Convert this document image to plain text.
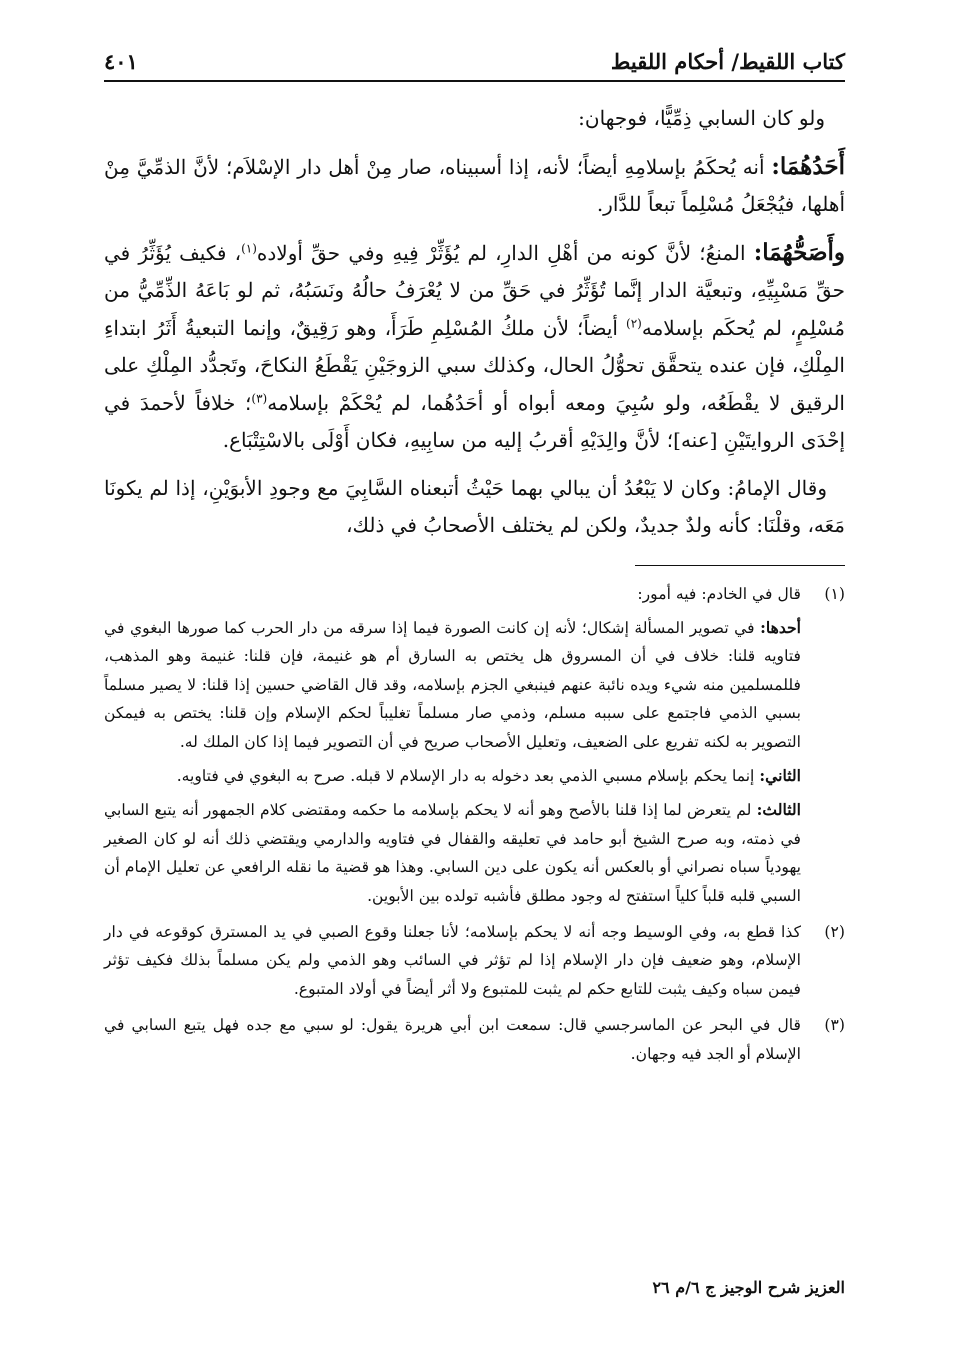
كتاب اللقيط/ أحكام اللقيط
٤٠١

ولو كان السابي ذِمِّيًّا، فوجهان:

أَحَدُهُمَا: أنه يُحكَمُ بإسلامِهِ أيضاً؛ لأنه، إذا أسبيناه، صار مِنْ أهل دار الإسْلاَم؛ لأنَّ الذمِّيَّ مِنْ أهلها، فيُجْعَلُ مُسْلِماً تبعاً للدَّار.

وأَصَحُّهُمَا: المنعُ؛ لأنَّ كونه من أهْلِ الدارِ، لم يُؤَثِّرْ فِيهِ وفي حقِّ أولاده$^{(١)}$، فكيف يُؤَثِّرُ في حقِّ مَسْبِيِّهِ، وتبعيَّة الدار إنَّما تُؤَثِّرُ في حَقِّ من لا يُعْرَفُ حالُهُ ونَسَبُهُ، ثم لو بَاعَهُ الذِّمِّيُّ من مُسْلِمٍ، لم يُحكَم بإسلامه$^{(٢)}$ أيضاً؛ لأن ملكُ المُسْلِمِ طَرَأَ، وهو رَقِيقٌ، وإنما التبعيةُ أَثَرُ ابتداءِ المِلْكِ، فإن عنده يتحقَّق تحوُّلُ الحال، وكذلك سبي الزوجَيْنِ يَقْطَعُ النكاحَ، وتَجدُّد المِلْكِ على الرقيق لا يقْطَعُه، ولو سُبِيَ ومعه أبواه أو أحَدُهُما، لم يُحْكَمْ بإسلامه$^{(٣)}$؛ خلافاً لأحمدَ في إحْدَى الروايتَيْنِ [عنه]؛ لأنَّ والِدَيْهِ أقربُ إليه من سابِيهِ، فكان أَوْلَى بالاسْتِتْبَاع.

وقال الإمامُ: وكان لا يَبْعُدُ أن يبالي بهما حَيْثُ أتبعناه السَّابِيَ مع وجودِ الأبوَيْنِ، إذا لم يكونَا مَعَه، وقلْنَا: كأنه ولدٌ جديدٌ، ولكن لم يختلف الأصحابُ في ذلك،

(١)

قال في الخادم: فيه أمور:

أحدها: في تصوير المسألة إشكال؛ لأنه إن كانت الصورة فيما إذا سرقه من دار الحرب كما صورها البغوي في فتاويه قلنا: خلاف في أن المسروق هل يختص به السارق أم هو غنيمة، فإن قلنا: غنيمة وهو المذهب، فللمسلمين منه شيء ويده نائبة عنهم فينبغي الجزم بإسلامه، وقد قال القاضي حسين إذا قلنا: لا يصير مسلماً بسبي الذمي فاجتمع على سببه مسلم، وذمي صار مسلماً تغليباً لحكم الإسلام وإن قلنا: يختص به فيمكن التصوير به لكنه تفريع على الضعيف، وتعليل الأصحاب صريح في أن التصوير فيما إذا كان الملك له.

الثاني: إنما يحكم بإسلام مسبي الذمي بعد دخوله به دار الإسلام لا قبله. صرح به البغوي في فتاويه.

الثالث: لم يتعرض لما إذا قلنا بالأصح وهو أنه لا يحكم بإسلامه ما حكمه ومقتضى كلام الجمهور أنه يتبع السابي في ذمته، وبه صرح الشيخ أبو حامد في تعليقه والقفال في فتاويه والدارمي ويقتضي ذلك أنه لو كان الصغير يهودياً سباه نصراني أو بالعكس أنه يكون على دين السابي. وهذا هو قضية ما نقله الرافعي عن تعليل الإمام أن السبي قلبه قلباً كلياً استفتح له وجود مطلق فأشبه تولده بين الأبوين.

(٢)

كذا قطع به، وفي الوسيط وجه أنه لا يحكم بإسلامه؛ لأنا جعلنا وقوع الصبي في يد المسترق كوقوعه في دار الإسلام، وهو ضعيف فإن دار الإسلام إذا لم تؤثر في السائب وهو الذمي ولم يكن مسلماً بذلك فكيف تؤثر فيمن سباه وكيف يثبت للتابع حكم لم يثبت للمتبوع ولا أثر أيضاً في أولاد المتبوع.

(٣)

قال في البحر عن الماسرجسي قال: سمعت ابن أبي هريرة يقول: لو سبي مع جده فهل يتبع السابي في الإسلام أو الجد فيه وجهان.

العزيز شرح الوجيز ج ٦/م ٢٦
